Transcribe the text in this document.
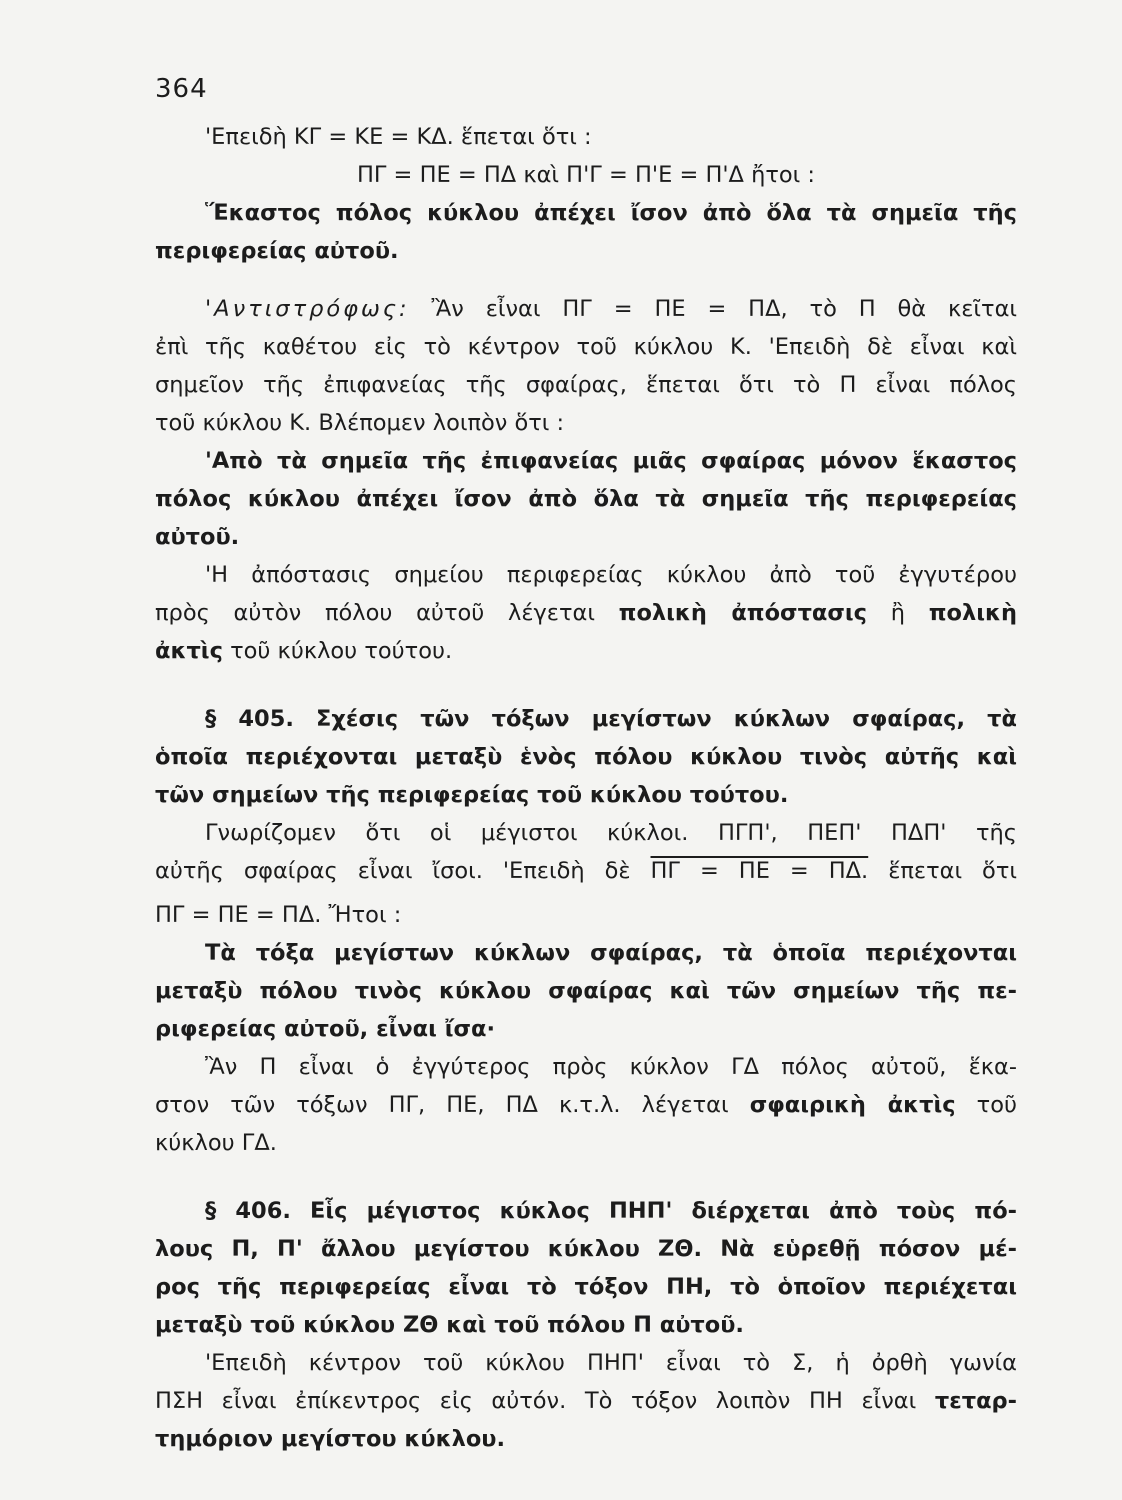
364
'Επειδὴ ΚΓ = ΚΕ = ΚΔ. ἕπεται ὅτι :
ΠΓ = ΠΕ = ΠΔ καὶ Π'Γ = Π'Ε = Π'Δ ἤτοι :
Ἕκαστος πόλος κύκλου ἀπέχει ἴσον ἀπὸ ὅλα τὰ σημεῖα τῆς
περιφερείας αὐτοῦ.
'Αντιστρόφως: Ἂν εἶναι ΠΓ = ΠΕ = ΠΔ, τὸ Π θὰ κεῖται
ἐπὶ τῆς καθέτου εἰς τὸ κέντρον τοῦ κύκλου Κ. 'Επειδὴ δὲ εἶναι καὶ
σημεῖον τῆς ἐπιφανείας τῆς σφαίρας, ἕπεται ὅτι τὸ Π εἶναι πόλος
τοῦ κύκλου Κ. Βλέπομεν λοιπὸν ὅτι :
'Απὸ τὰ σημεῖα τῆς ἐπιφανείας μιᾶς σφαίρας μόνον ἕκαστος
πόλος κύκλου ἀπέχει ἴσον ἀπὸ ὅλα τὰ σημεῖα τῆς περιφερείας
αὐτοῦ.
'Η ἀπόστασις σημείου περιφερείας κύκλου ἀπὸ τοῦ ἐγγυτέρου
πρὸς αὐτὸν πόλου αὐτοῦ λέγεται πολικὴ ἀπόστασις ἢ πολικὴ
ἀκτὶς τοῦ κύκλου τούτου.
§ 405. Σχέσις τῶν τόξων μεγίστων κύκλων σφαίρας, τὰ
ὁποῖα περιέχονται μεταξὺ ἑνὸς πόλου κύκλου τινὸς αὐτῆς καὶ
τῶν σημείων τῆς περιφερείας τοῦ κύκλου τούτου.
Γνωρίζομεν ὅτι οἱ μέγιστοι κύκλοι. ΠΓΠ', ΠΕΠ' ΠΔΠ' τῆς
αὐτῆς σφαίρας εἶναι ἴσοι. 'Επειδὴ δὲ ΠΓ = ΠΕ = ΠΔ. ἕπεται ὅτι
ΠΓ = ΠΕ = ΠΔ. Ἤτοι :
Τὰ τόξα μεγίστων κύκλων σφαίρας, τὰ ὁποῖα περιέχονται
μεταξὺ πόλου τινὸς κύκλου σφαίρας καὶ τῶν σημείων τῆς πε-
ριφερείας αὐτοῦ, εἶναι ἴσα·
Ἂν Π εἶναι ὁ ἐγγύτερος πρὸς κύκλον ΓΔ πόλος αὐτοῦ, ἕκα-
στον τῶν τόξων ΠΓ, ΠΕ, ΠΔ κ.τ.λ. λέγεται σφαιρικὴ ἀκτὶς τοῦ
κύκλου ΓΔ.
§ 406. Εἷς μέγιστος κύκλος ΠΗΠ' διέρχεται ἀπὸ τοὺς πό-
λους Π, Π' ἄλλου μεγίστου κύκλου ΖΘ. Νὰ εὑρεθῇ πόσον μέ-
ρος τῆς περιφερείας εἶναι τὸ τόξον ΠΗ, τὸ ὁποῖον περιέχεται
μεταξὺ τοῦ κύκλου ΖΘ καὶ τοῦ πόλου Π αὐτοῦ.
'Επειδὴ κέντρον τοῦ κύκλου ΠΗΠ' εἶναι τὸ Σ, ἡ ὀρθὴ γωνία
ΠΣΗ εἶναι ἐπίκεντρος εἰς αὐτόν. Τὸ τόξον λοιπὸν ΠΗ εἶναι τεταρ-
τημόριον μεγίστου κύκλου.
